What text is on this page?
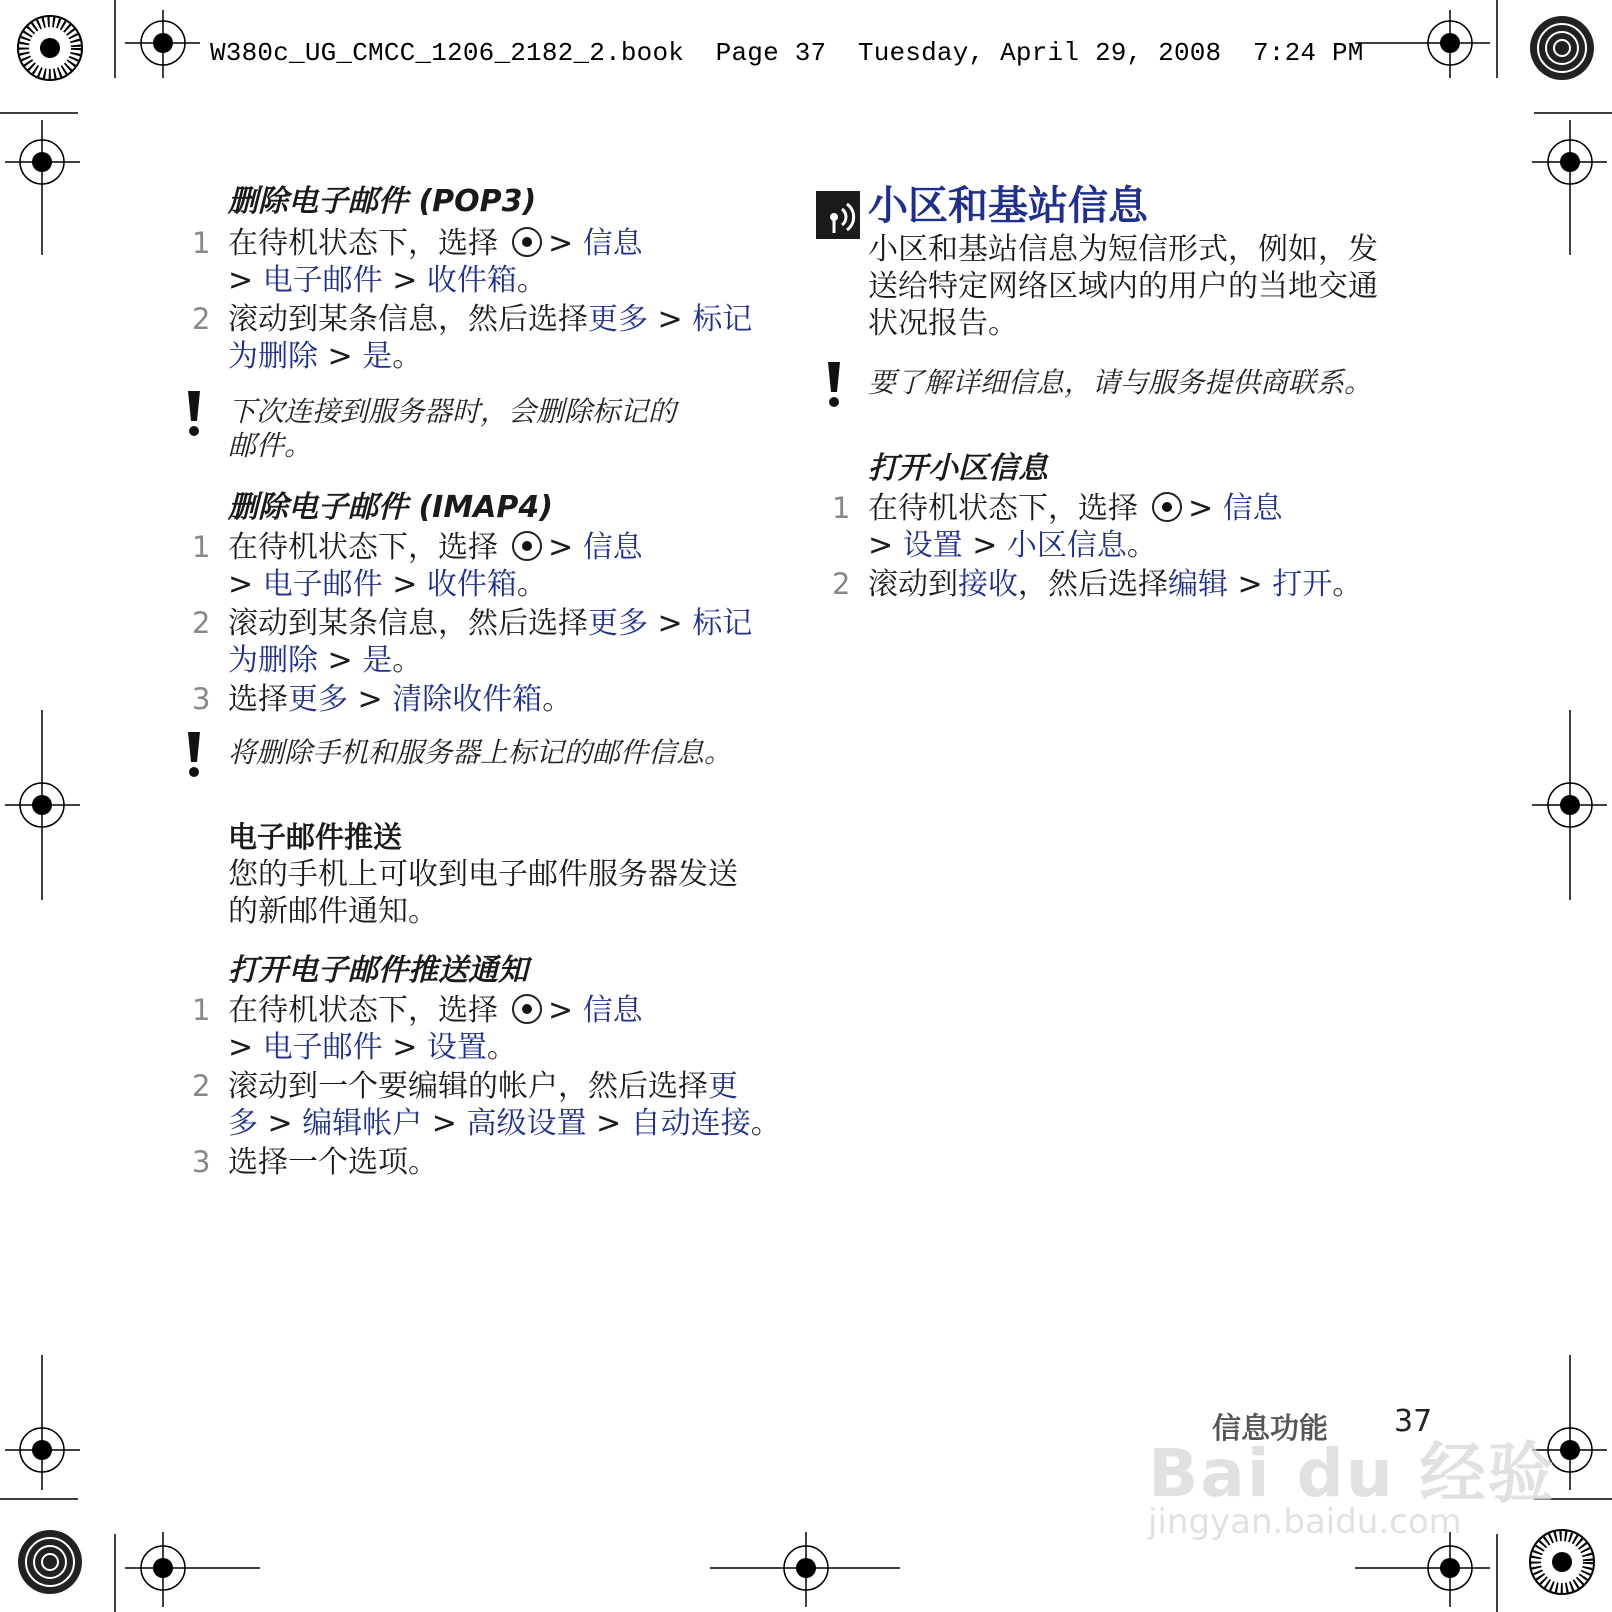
W380c_UG_CMCC_1206_2182_2.book  Page 37  Tuesday, April 29, 2008  7:24 PM

删除电子邮件 (POP3)

1 在待机状态下，选择 > 信息
> 电子邮件 > 收件箱。
2 滚动到某条信息，然后选择更多 > 标记
为删除 > 是。
下次连接到服务器时，会删除标记的
邮件。

删除电子邮件 (IMAP4)

1 在待机状态下，选择 > 信息
> 电子邮件 > 收件箱。
2 滚动到某条信息，然后选择更多 > 标记
为删除 > 是。
3 选择更多 > 清除收件箱。
将删除手机和服务器上标记的邮件信息。

电子邮件推送

您的手机上可收到电子邮件服务器发送
的新邮件通知。

打开电子邮件推送通知

1 在待机状态下，选择 > 信息
> 电子邮件 > 设置。
2 滚动到一个要编辑的帐户，然后选择更
多 > 编辑帐户 > 高级设置 > 自动连接。
3 选择一个选项。

小区和基站信息

小区和基站信息为短信形式，例如，发
送给特定网络区域内的用户的当地交通
状况报告。

要了解详细信息，请与服务提供商联系。

打开小区信息

1 在待机状态下，选择 > 信息
> 设置 > 小区信息。
2 滚动到接收，然后选择编辑 > 打开。
信息功能 37
Bai du 经验
jingyan.baidu.com
